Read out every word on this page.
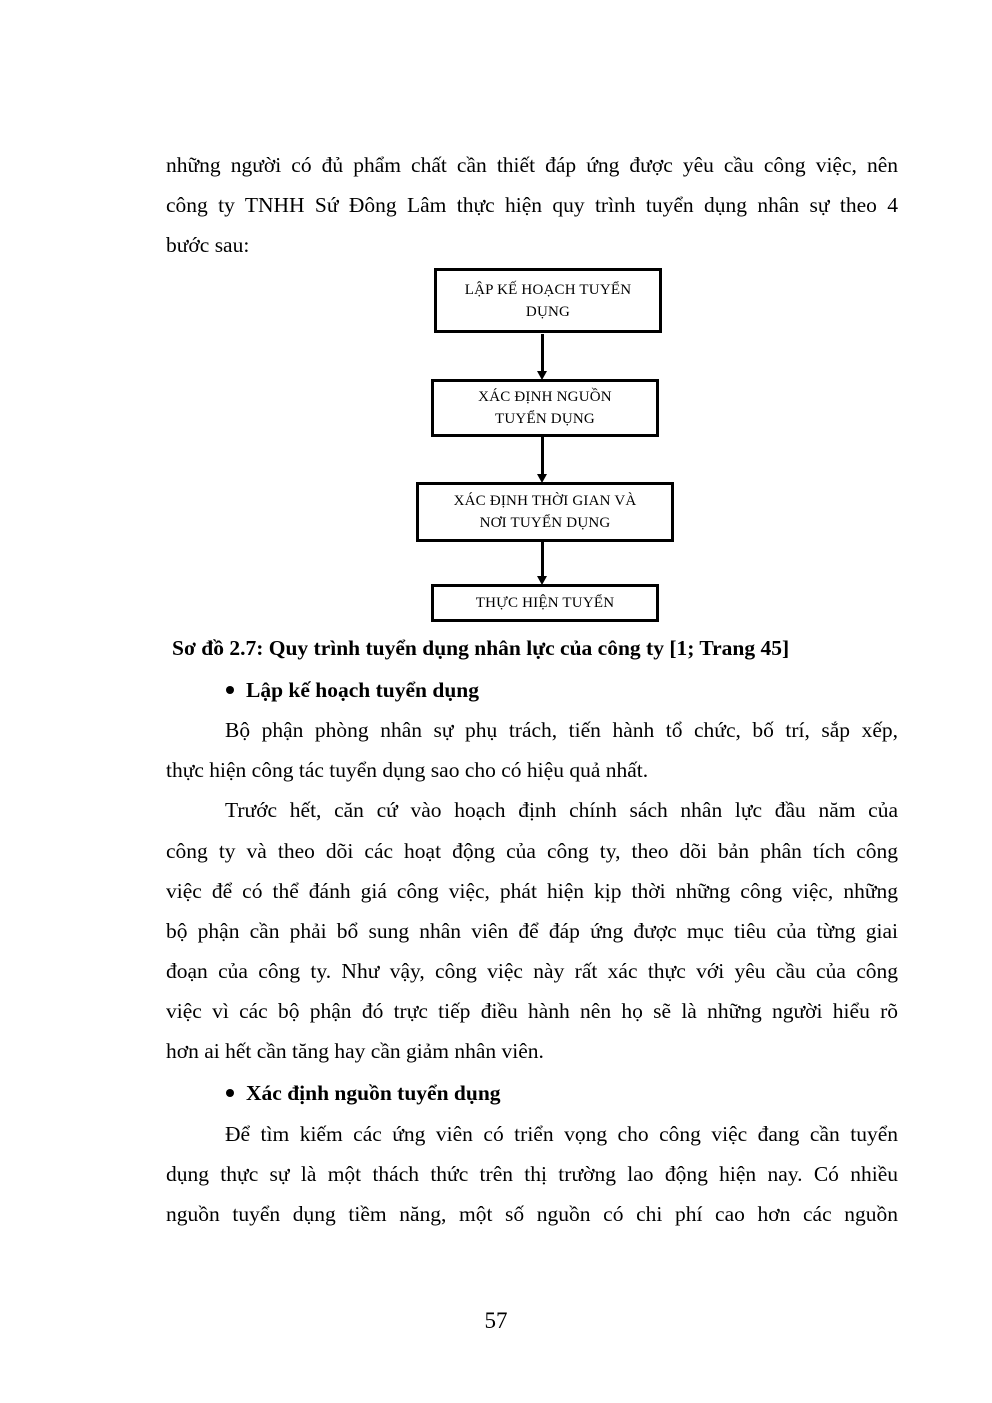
những người có đủ phẩm chất cần thiết đáp ứng được yêu cầu công việc, nên
công ty TNHH Sứ Đông Lâm thực hiện quy trình tuyển dụng nhân sự theo 4
bước sau:
LẬP KẾ HOẠCH TUYỂN
DỤNG
XÁC ĐỊNH NGUỒN
TUYỂN DỤNG
XÁC ĐỊNH THỜI GIAN VÀ
NƠI TUYỂN DỤNG
THỰC HIỆN TUYỂN
Sơ đồ 2.7: Quy trình tuyển dụng nhân lực của công ty [1; Trang 45]
Lập kế hoạch tuyển dụng
Bộ phận phòng nhân sự phụ trách, tiến hành tổ chức, bố trí, sắp xếp,
thực hiện công tác tuyển dụng sao cho có hiệu quả nhất.
Trước hết, căn cứ vào hoạch định chính sách nhân lực đầu năm của
công ty và theo dõi các hoạt động của công ty, theo dõi bản phân tích công
việc để có thể đánh giá công việc, phát hiện kịp thời những công việc, những
bộ phận cần phải bổ sung nhân viên để đáp ứng được mục tiêu của từng giai
đoạn của công ty. Như vậy, công việc này rất xác thực với yêu cầu của công
việc vì các bộ phận đó trực tiếp điều hành nên họ sẽ là những người hiểu rõ
hơn ai hết cần tăng hay cần giảm nhân viên.
Xác định nguồn tuyển dụng
Để tìm kiếm các ứng viên có triển vọng cho công việc đang cần tuyển
dụng thực sự là một thách thức trên thị trường lao động hiện nay. Có nhiều
nguồn tuyển dụng tiềm năng, một số nguồn có chi phí cao hơn các nguồn
57
